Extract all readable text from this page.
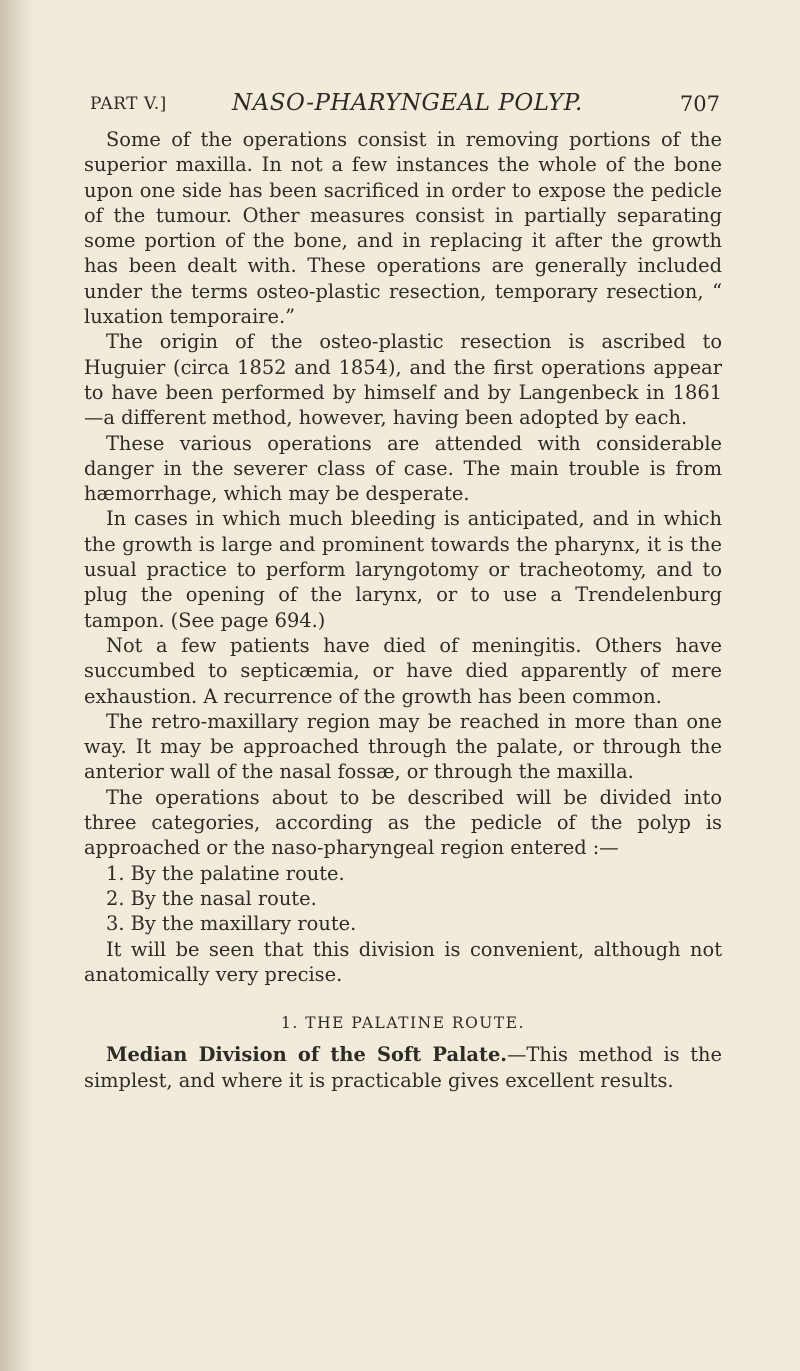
PART V.]	NASO-PHARYNGEAL POLYP.	707

Some of the operations consist in removing portions of the superior maxilla. In not a few instances the whole of the bone upon one side has been sacrificed in order to expose the pedicle of the tumour. Other measures consist in partially separating some portion of the bone, and in replacing it after the growth has been dealt with. These operations are generally included under the terms osteo-plastic resection, temporary resection, “ luxation temporaire.”

The origin of the osteo-plastic resection is ascribed to Huguier (circa 1852 and 1854), and the first operations appear to have been performed by himself and by Langenbeck in 1861—a different method, however, having been adopted by each.

These various operations are attended with considerable danger in the severer class of case. The main trouble is from hæmorrhage, which may be desperate.

In cases in which much bleeding is anticipated, and in which the growth is large and prominent towards the pharynx, it is the usual practice to perform laryngotomy or tracheotomy, and to plug the opening of the larynx, or to use a Trendelenburg tampon. (See page 694.)

Not a few patients have died of meningitis. Others have succumbed to septicæmia, or have died apparently of mere exhaustion. A recurrence of the growth has been common.

The retro-maxillary region may be reached in more than one way. It may be approached through the palate, or through the anterior wall of the nasal fossæ, or through the maxilla.

The operations about to be described will be divided into three categories, according as the pedicle of the polyp is approached or the naso-pharyngeal region entered :—

1. By the palatine route.
2. By the nasal route.
3. By the maxillary route.

It will be seen that this division is convenient, although not anatomically very precise.

1. THE PALATINE ROUTE.

Median Division of the Soft Palate.—This method is the simplest, and where it is practicable gives excellent results.
